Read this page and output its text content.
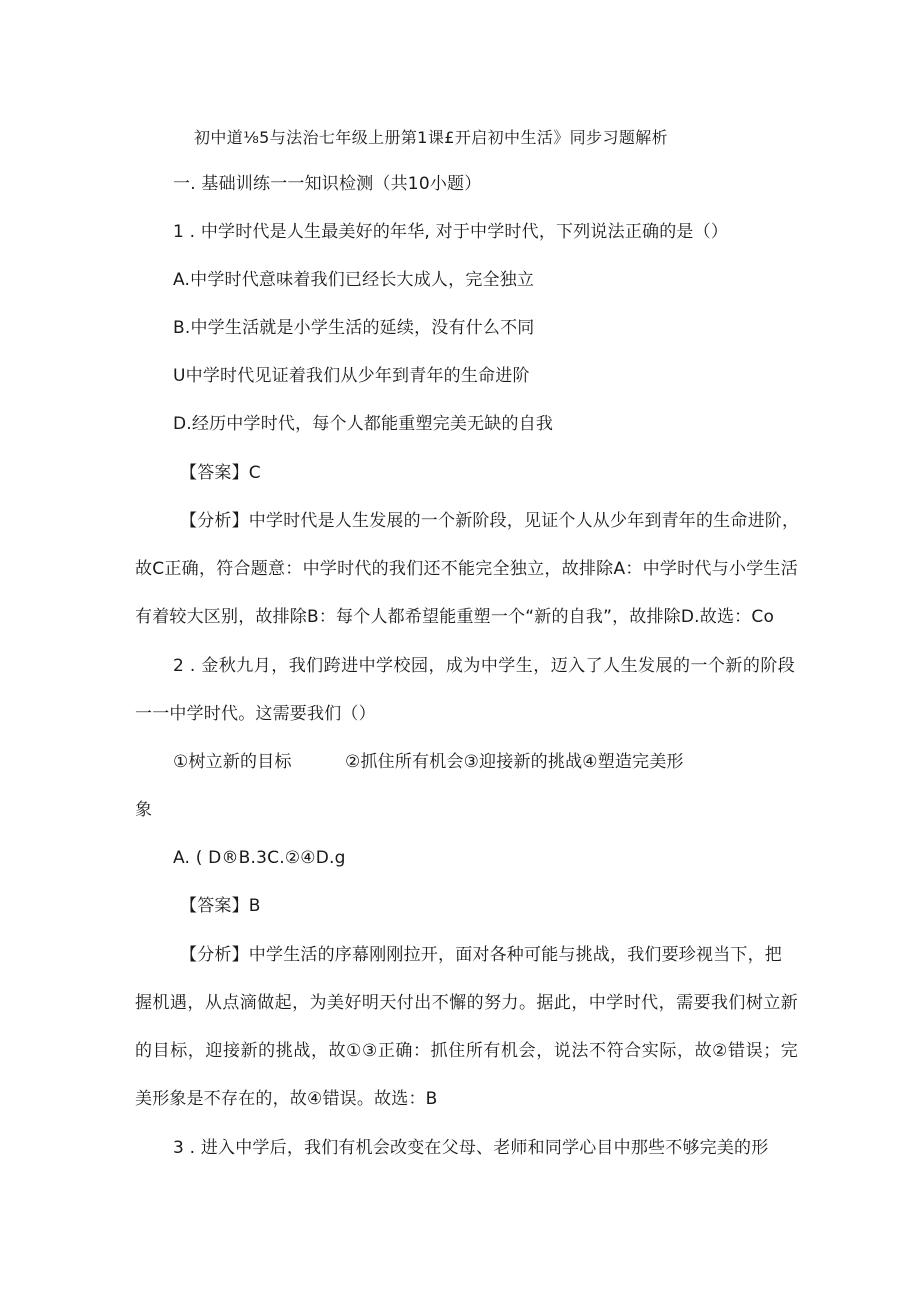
初中道⅛5与法治七年级上册第1课£开启初中生活》同步习题解析

一. 基础训练一一知识检测（共10小题）

1 . 中学时代是人生最美好的年华, 对于中学时代，下列说法正确的是（）

A.中学时代意味着我们已经长大成人，完全独立

B.中学生活就是小学生活的延续，没有什么不同

U中学时代见证着我们从少年到青年的生命进阶

D.经历中学时代，每个人都能重塑完美无缺的自我

【答案】C

【分析】中学时代是人生发展的一个新阶段，见证个人从少年到青年的生命进阶，

故C正确，符合题意：中学时代的我们还不能完全独立，故排除A：中学时代与小学生活

有着较大区别，故排除B：每个人都希望能重塑一个“新的自我”，故排除D.故选：Co

2 . 金秋九月，我们跨进中学校园，成为中学生，迈入了人生发展的一个新的阶段

一一中学时代。这需要我们（）

①树立新的目标	②抓住所有机会③迎接新的挑战④塑造完美形

象

A. ( D®B.3C.②④D.g

【答案】B

【分析】中学生活的序幕刚刚拉开，面对各种可能与挑战，我们要珍视当下，把

握机遇，从点滴做起，为美好明天付出不懈的努力。据此，中学时代，需要我们树立新

的目标，迎接新的挑战，故①③正确：抓住所有机会，说法不符合实际，故②错误；完

美形象是不存在的，故④错误。故选：B

3 . 进入中学后，我们有机会改变在父母、老师和同学心目中那些不够完美的形
